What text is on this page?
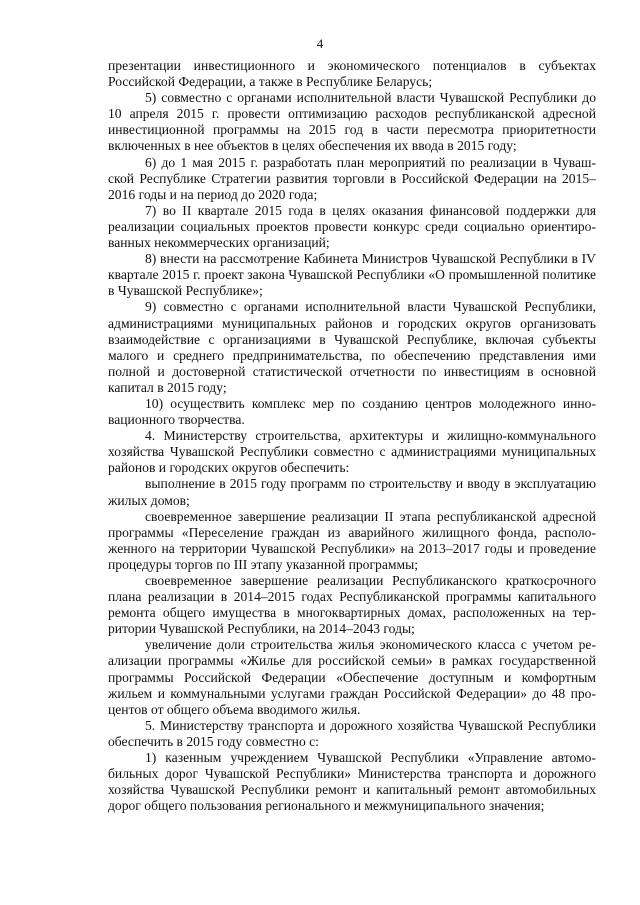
4

презентации инвестиционного и экономического потенциалов в субъектах Российской Федерации, а также в Республике Беларусь;

5) совместно с органами исполнительной власти Чувашской Республики до 10 апреля 2015 г. провести оптимизацию расходов республиканской адресной инвестиционной программы на 2015 год в части пересмотра приоритетности включенных в нее объектов в целях обеспечения их ввода в 2015 году;

6) до 1 мая 2015 г. разработать план мероприятий по реализации в Чувашской Республике Стратегии развития торговли в Российской Федерации на 2015–2016 годы и на период до 2020 года;

7) во II квартале 2015 года в целях оказания финансовой поддержки для реализации социальных проектов провести конкурс среди социально ориентированных некоммерческих организаций;

8) внести на рассмотрение Кабинета Министров Чувашской Республики в IV квартале 2015 г. проект закона Чувашской Республики «О промышленной политике в Чувашской Республике»;

9) совместно с органами исполнительной власти Чувашской Республики, администрациями муниципальных районов и городских округов организовать взаимодействие с организациями в Чувашской Республике, включая субъекты малого и среднего предпринимательства, по обеспечению представления ими полной и достоверной статистической отчетности по инвестициям в основной капитал в 2015 году;

10) осуществить комплекс мер по созданию центров молодежного инновационного творчества.

4. Министерству строительства, архитектуры и жилищно-коммунального хозяйства Чувашской Республики совместно с администрациями муниципальных районов и городских округов обеспечить:

выполнение в 2015 году программ по строительству и вводу в эксплуатацию жилых домов;

своевременное завершение реализации II этапа республиканской адресной программы «Переселение граждан из аварийного жилищного фонда, расположенного на территории Чувашской Республики» на 2013–2017 годы и проведение процедуры торгов по III этапу указанной программы;

своевременное завершение реализации Республиканского краткосрочного плана реализации в 2014–2015 годах Республиканской программы капитального ремонта общего имущества в многоквартирных домах, расположенных на территории Чувашской Республики, на 2014–2043 годы;

увеличение доли строительства жилья экономического класса с учетом реализации программы «Жилье для российской семьи» в рамках государственной программы Российской Федерации «Обеспечение доступным и комфортным жильем и коммунальными услугами граждан Российской Федерации» до 48 процентов от общего объема вводимого жилья.

5. Министерству транспорта и дорожного хозяйства Чувашской Республики обеспечить в 2015 году совместно с:

1) казенным учреждением Чувашской Республики «Управление автомобильных дорог Чувашской Республики» Министерства транспорта и дорожного хозяйства Чувашской Республики ремонт и капитальный ремонт автомобильных дорог общего пользования регионального и межмуниципального значения;
